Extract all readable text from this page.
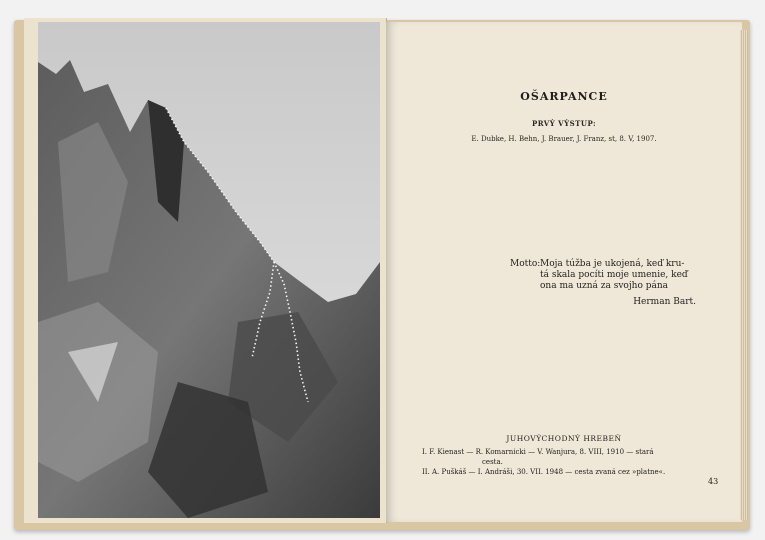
OŠARPANCE
PRVÝ VÝSTUP:
E. Dubke, H. Behn, J. Brauer, J. Franz, st, 8. V, 1907.
Motto: Moja túžba je ukojená, keď kru-
tá skala pocíti moje umenie, keď
ona ma uzná za svojho pána
Herman Bart.
JUHOVÝCHODNÝ HREBEŇ
I. F. Kienast — R. Komarnicki — V. Wanjura, 8. VIII, 1910 — stará
cesta.
II. A. Puškáš — I. Andráši, 30. VII. 1948 — cesta zvaná cez »platne«.
43
